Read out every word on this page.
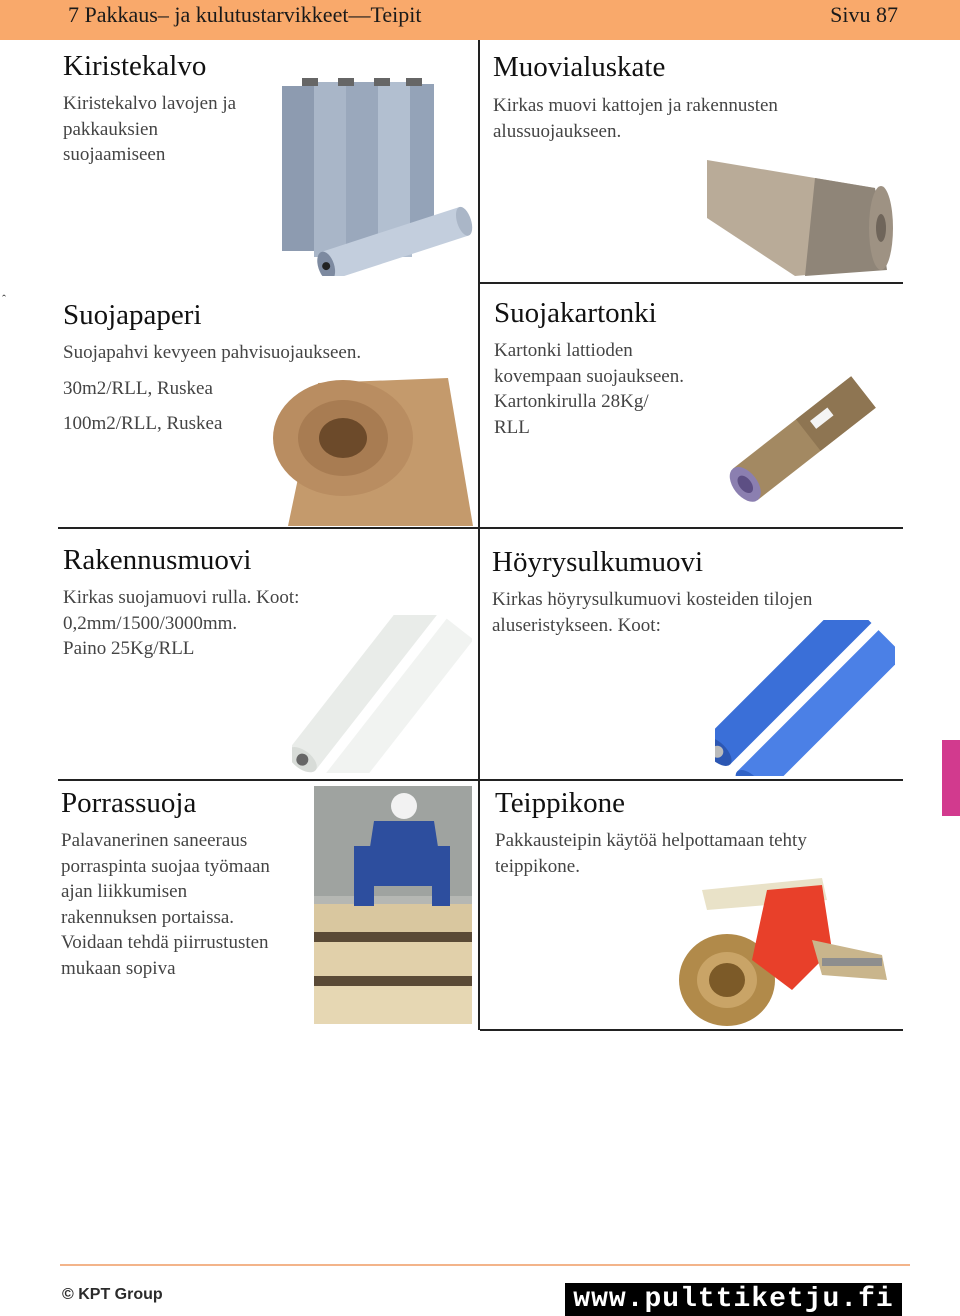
7 Pakkaus– ja kulutustarvikkeet—Teipit	Sivu 87
ˆ
Kiristekalvo

Kiristekalvo lavojen ja
pakkauksien
suojaamiseen

Muovialuskate

Kirkas muovi kattojen ja rakennusten
alussuojaukseen.

Suojapaperi

Suojapahvi kevyeen pahvisuojaukseen.

30m2/RLL, Ruskea

100m2/RLL, Ruskea

Suojakartonki

Kartonki lattioden
kovempaan suojaukseen.
Kartonkirulla 28Kg/
RLL

Rakennusmuovi

Kirkas suojamuovi rulla. Koot:
0,2mm/1500/3000mm.
Paino 25Kg/RLL

Höyrysulkumuovi

Kirkas höyrysulkumuovi kosteiden tilojen
aluseristykseen. Koot:

Porrassuoja

Palavanerinen saneeraus
porraspinta suojaa työmaan
ajan liikkumisen
rakennuksen portaissa.
Voidaan tehdä piirrustusten
mukaan sopiva

Teippikone

Pakkausteipin käytöä helpottamaan tehty
teippikone.

© KPT Group	www.pulttiketju.fi
